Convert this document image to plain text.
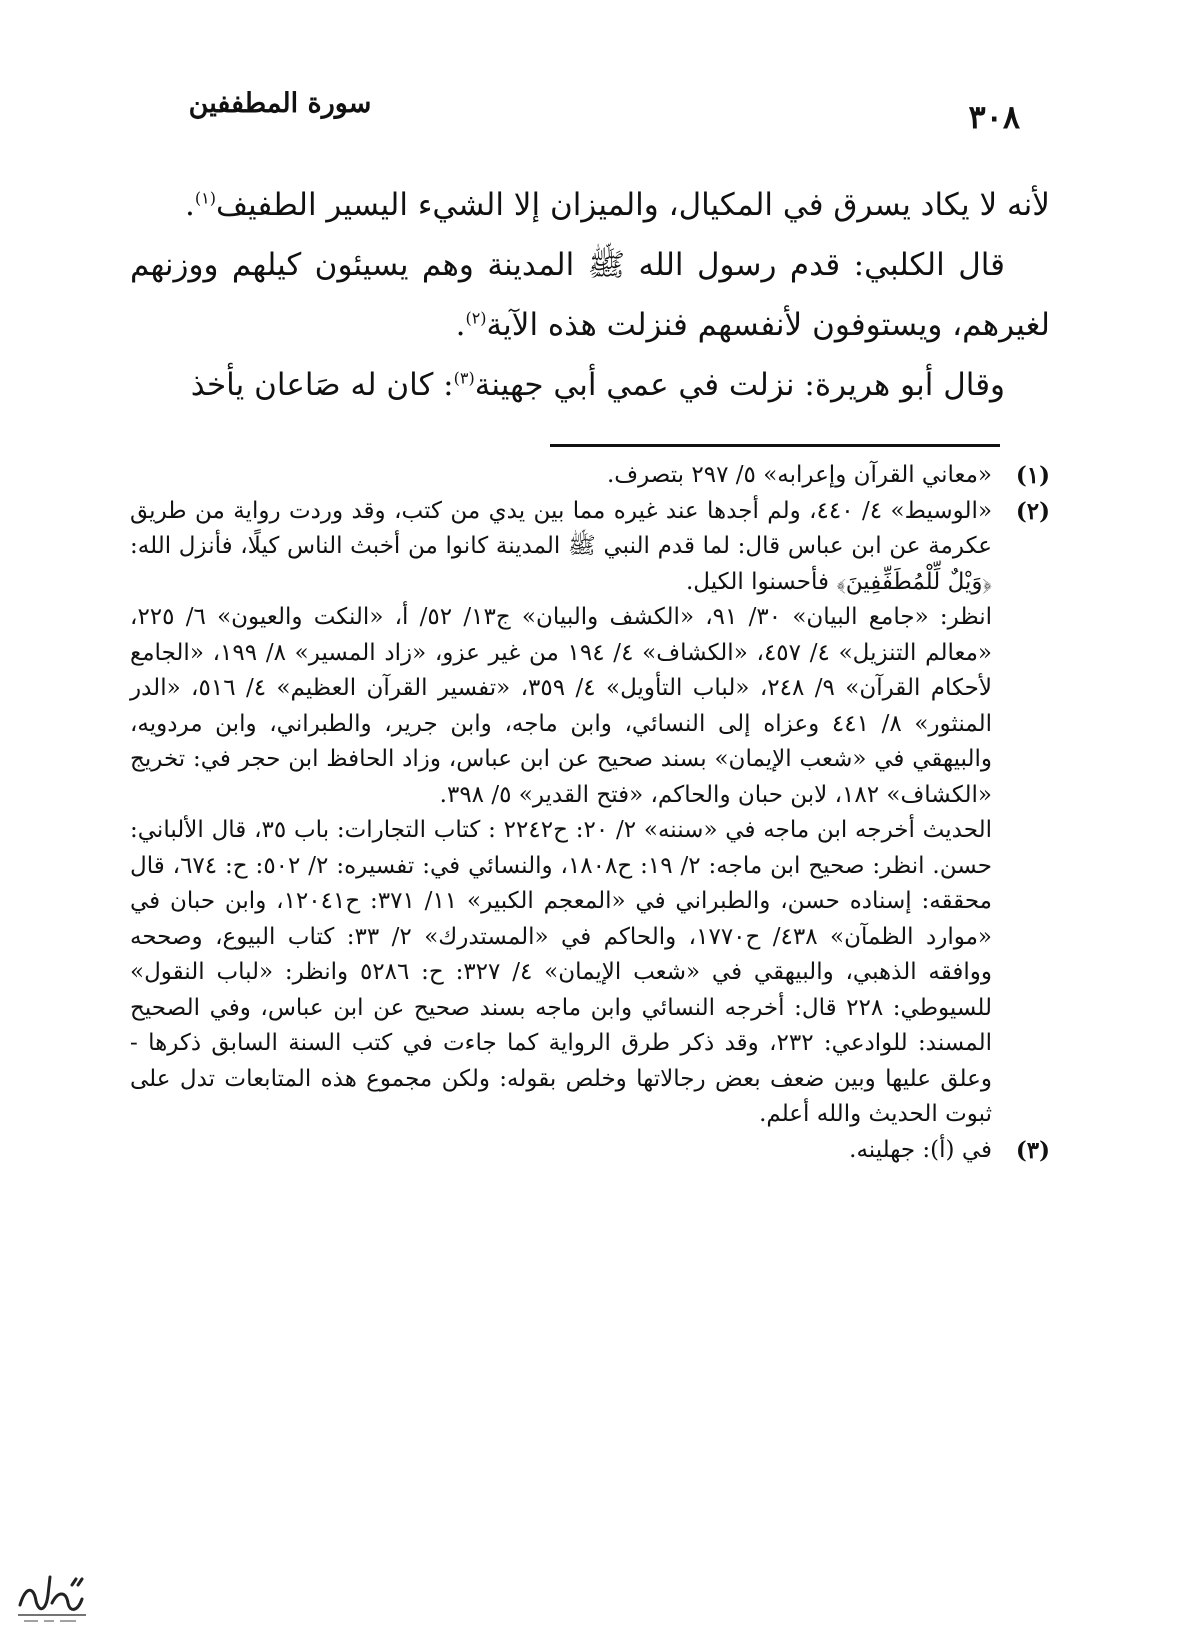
سورة المطففين	٣٠٨

لأنه لا يكاد يسرق في المكيال، والميزان إلا الشيء اليسير الطفيف$^{(١)}$.

قال الكلبي: قدم رسول الله ﷺ المدينة وهم يسيئون كيلهم ووزنهم لغيرهم، ويستوفون لأنفسهم فنزلت هذه الآية$^{(٢)}$.

وقال أبو هريرة: نزلت في عمي أبي جهينة$^{(٣)}$: كان له صَاعان يأخذ

(١)

«معاني القرآن وإعرابه» ٥/ ٢٩٧ بتصرف.

(٢)

«الوسيط» ٤/ ٤٤٠، ولم أجدها عند غيره مما بين يدي من كتب، وقد وردت رواية من طريق عكرمة عن ابن عباس قال: لما قدم النبي ﷺ المدينة كانوا من أخبث الناس كيلًا، فأنزل الله: ﴿وَيْلٌ لِّلْمُطَفِّفِينَ﴾ فأحسنوا الكيل.

انظر: «جامع البيان» ٣٠/ ٩١، «الكشف والبيان» ج١٣/ ٥٢/ أ، «النكت والعيون» ٦/ ٢٢٥، «معالم التنزيل» ٤/ ٤٥٧، «الكشاف» ٤/ ١٩٤ من غير عزو، «زاد المسير» ٨/ ١٩٩، «الجامع لأحكام القرآن» ٩/ ٢٤٨، «لباب التأويل» ٤/ ٣٥٩، «تفسير القرآن العظيم» ٤/ ٥١٦، «الدر المنثور» ٨/ ٤٤١ وعزاه إلى النسائي، وابن ماجه، وابن جرير، والطبراني، وابن مردويه، والبيهقي في «شعب الإيمان» بسند صحيح عن ابن عباس، وزاد الحافظ ابن حجر في: تخريج «الكشاف» ١٨٢، لابن حبان والحاكم، «فتح القدير» ٥/ ٣٩٨.

الحديث أخرجه ابن ماجه في «سننه» ٢/ ٢٠: ح٢٢٤٢ : كتاب التجارات: باب ٣٥، قال الألباني: حسن. انظر: صحيح ابن ماجه: ٢/ ١٩: ح١٨٠٨، والنسائي في: تفسيره: ٢/ ٥٠٢: ح: ٦٧٤، قال محققه: إسناده حسن، والطبراني في «المعجم الكبير» ١١/ ٣٧١: ح١٢٠٤١، وابن حبان في «موارد الظمآن» ٤٣٨/ ح١٧٧٠، والحاكم في «المستدرك» ٢/ ٣٣: كتاب البيوع، وصححه ووافقه الذهبي، والبيهقي في «شعب الإيمان» ٤/ ٣٢٧: ح: ٥٢٨٦ وانظر: «لباب النقول» للسيوطي: ٢٢٨ قال: أخرجه النسائي وابن ماجه بسند صحيح عن ابن عباس، وفي الصحيح المسند: للوادعي: ٢٣٢، وقد ذكر طرق الرواية كما جاءت في كتب السنة السابق ذكرها - وعلق عليها وبين ضعف بعض رجالاتها وخلص بقوله: ولكن مجموع هذه المتابعات تدل على ثبوت الحديث والله أعلم.

(٣)

في (أ): جهلينه.
